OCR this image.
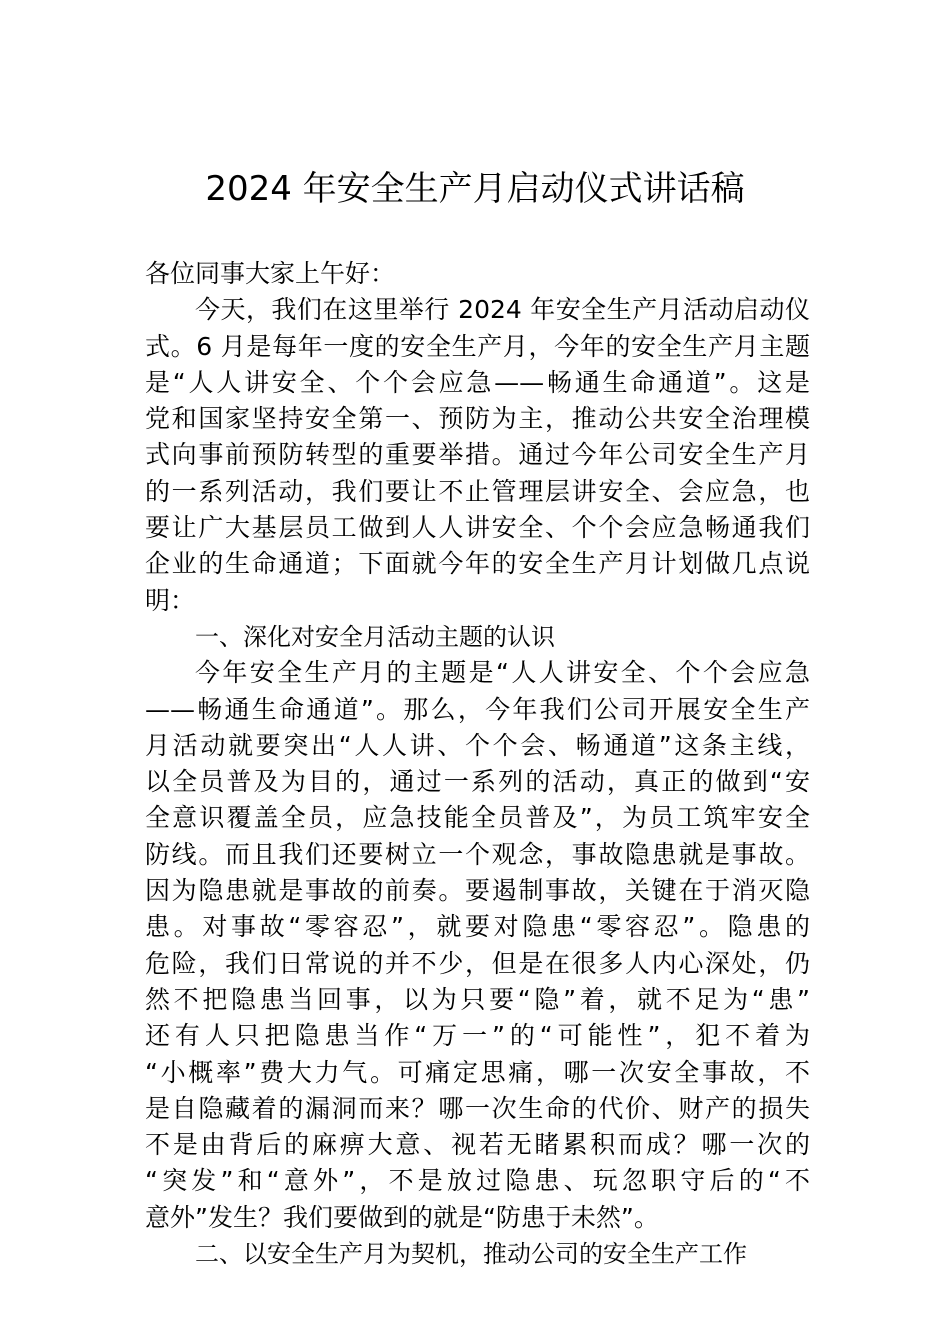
2024 年安全生产月启动仪式讲话稿
各位同事大家上午好：
今天，我们在这里举行 2024 年安全生产月活动启动仪
式。6 月是每年一度的安全生产月，今年的安全生产月主题
是“人人讲安全、个个会应急——畅通生命通道”。这是
党和国家坚持安全第一、预防为主，推动公共安全治理模
式向事前预防转型的重要举措。通过今年公司安全生产月
的一系列活动，我们要让不止管理层讲安全、会应急，也
要让广大基层员工做到人人讲安全、个个会应急畅通我们
企业的生命通道；下面就今年的安全生产月计划做几点说
明：
一、深化对安全月活动主题的认识
今年安全生产月的主题是“人人讲安全、个个会应急
——畅通生命通道”。那么，今年我们公司开展安全生产
月活动就要突出“人人讲、个个会、畅通道”这条主线，
以全员普及为目的，通过一系列的活动，真正的做到“安
全意识覆盖全员，应急技能全员普及”，为员工筑牢安全
防线。而且我们还要树立一个观念，事故隐患就是事故。
因为隐患就是事故的前奏。要遏制事故，关键在于消灭隐
患。对事故“零容忍”，就要对隐患“零容忍”。隐患的
危险，我们日常说的并不少，但是在很多人内心深处，仍
然不把隐患当回事，以为只要“隐”着，就不足为“患”
还有人只把隐患当作“万一”的“可能性”，犯不着为
“小概率”费大力气。可痛定思痛，哪一次安全事故，不
是自隐藏着的漏洞而来？哪一次生命的代价、财产的损失
不是由背后的麻痹大意、视若无睹累积而成？哪一次的
“突发”和“意外”，不是放过隐患、玩忽职守后的“不
意外”发生？我们要做到的就是“防患于未然”。
二、以安全生产月为契机，推动公司的安全生产工作
